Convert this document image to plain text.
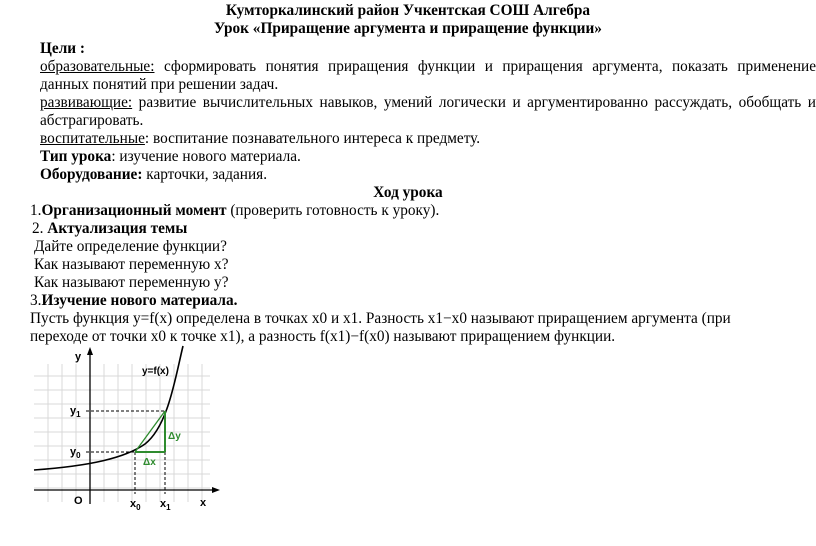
Кумторкалинский район Учкентская СОШ Алгебра
Урок «Приращение аргумента и приращение функции»
Цели :
образовательные: сформировать понятия приращения функции и приращения аргумента, показать применение
данных понятий при решении задач.
развивающие: развитие вычислительных навыков, умений логически и аргументированно рассуждать, обобщать и
абстрагировать.
воспитательные: воспитание познавательного интереса к предмету.
Тип урока: изучение нового материала.
Оборудование: карточки, задания.
Ход урока
1.Организационный момент (проверить готовность к уроку).
2. Актуализация темы
Дайте определение функции?
Как называют переменную x?
Как называют переменную y?
3.Изучение нового материала.
Пусть функция y=f(x) определена в точках x0 и x1. Разность x1−x0 называют приращением аргумента (при
переходе от точки x0 к точке x1), а разность f(x1)−f(x0) называют приращением функции.
y
y=f(x)
$y_1$
$y_0$
Δy
Δx
O	$x_0$ $x_1$	x
